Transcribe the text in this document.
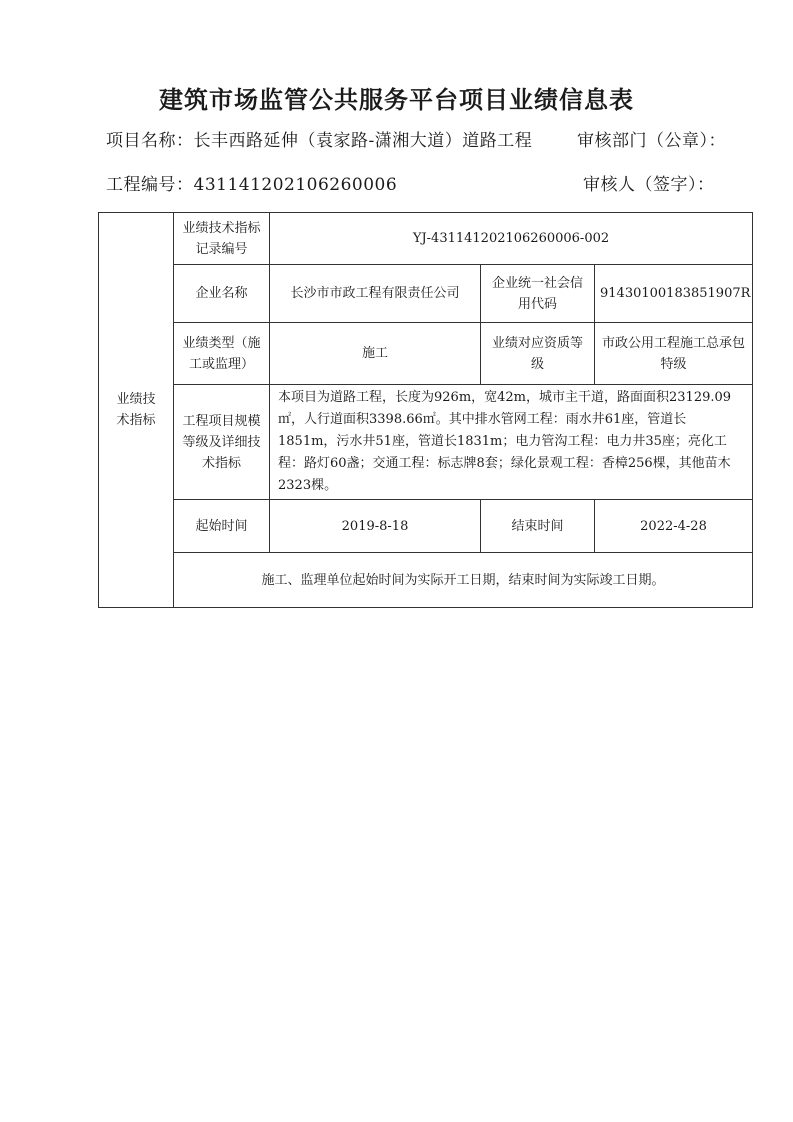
建筑市场监管公共服务平台项目业绩信息表
项目名称：长丰西路延伸（袁家路-潇湘大道）道路工程	审核部门（公章）：
工程编号：431141202106260006	审核人（签字）：
业绩技术指标	业绩技术指标记录编号	YJ-431141202106260006-002		
	企业名称	长沙市市政工程有限责任公司	企业统一社会信用代码	91430100183851907R
	业绩类型（施工或监理）	施工	业绩对应资质等级	市政公用工程施工总承包特级
	工程项目规模等级及详细技术指标	本项目为道路工程，长度为926m，宽42m，城市主干道，路面面积23129.09㎡，人行道面积3398.66㎡。其中排水管网工程：雨水井61座，管道长1851m，污水井51座，管道长1831m；电力管沟工程：电力井35座；亮化工程：路灯60盏；交通工程：标志牌8套；绿化景观工程：香樟256棵，其他苗木2323棵。		
	起始时间	2019-8-18	结束时间	2022-4-28
	施工、监理单位起始时间为实际开工日期，结束时间为实际竣工日期。			
